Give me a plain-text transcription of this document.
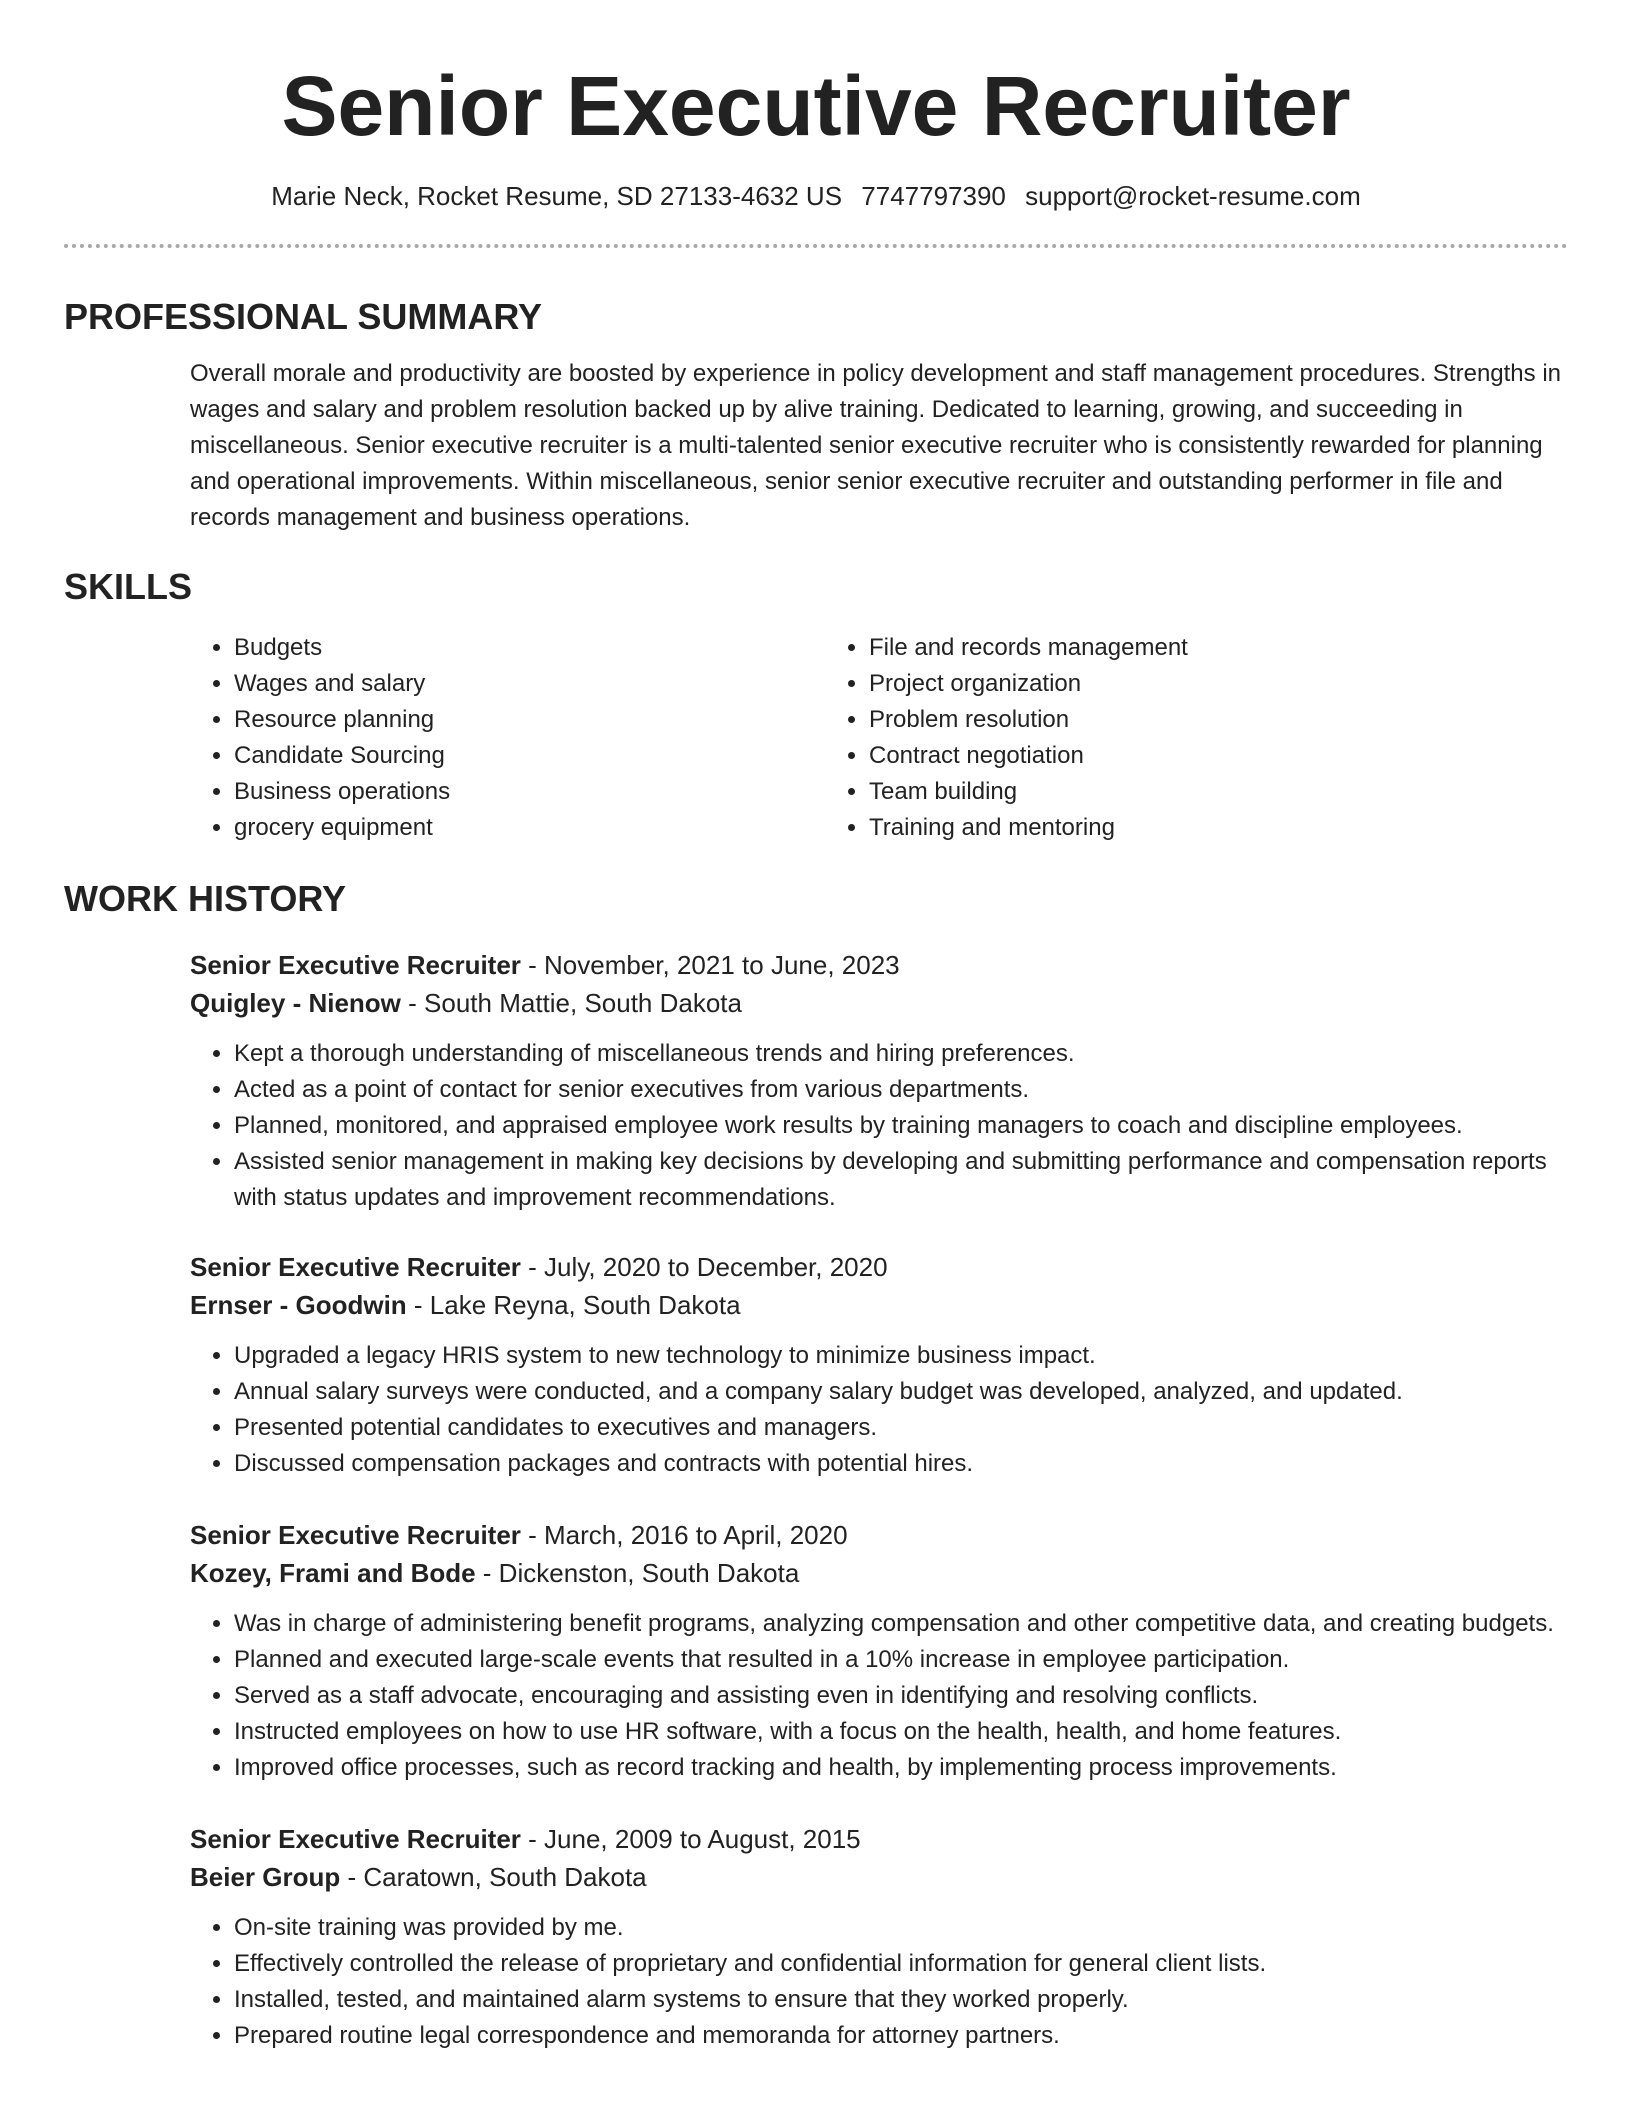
Senior Executive Recruiter
Marie Neck, Rocket Resume, SD 27133-4632 US 7747797390 support@rocket-resume.com
PROFESSIONAL SUMMARY

Overall morale and productivity are boosted by experience in policy development and staff management procedures. Strengths in wages and salary and problem resolution backed up by alive training. Dedicated to learning, growing, and succeeding in miscellaneous. Senior executive recruiter is a multi-talented senior executive recruiter who is consistently rewarded for planning and operational improvements. Within miscellaneous, senior senior executive recruiter and outstanding performer in file and records management and business operations.

SKILLS
• Budgets
• Wages and salary
• Resource planning
• Candidate Sourcing
• Business operations
• grocery equipment
• File and records management
• Project organization
• Problem resolution
• Contract negotiation
• Team building
• Training and mentoring
WORK HISTORY
Senior Executive Recruiter - November, 2021 to June, 2023
Quigley - Nienow - South Mattie, South Dakota
• Kept a thorough understanding of miscellaneous trends and hiring preferences.
• Acted as a point of contact for senior executives from various departments.
• Planned, monitored, and appraised employee work results by training managers to coach and discipline employees.
• Assisted senior management in making key decisions by developing and submitting performance and compensation reports with status updates and improvement recommendations.
Senior Executive Recruiter - July, 2020 to December, 2020
Ernser - Goodwin - Lake Reyna, South Dakota
• Upgraded a legacy HRIS system to new technology to minimize business impact.
• Annual salary surveys were conducted, and a company salary budget was developed, analyzed, and updated.
• Presented potential candidates to executives and managers.
• Discussed compensation packages and contracts with potential hires.
Senior Executive Recruiter - March, 2016 to April, 2020
Kozey, Frami and Bode - Dickenston, South Dakota
• Was in charge of administering benefit programs, analyzing compensation and other competitive data, and creating budgets.
• Planned and executed large-scale events that resulted in a 10% increase in employee participation.
• Served as a staff advocate, encouraging and assisting even in identifying and resolving conflicts.
• Instructed employees on how to use HR software, with a focus on the health, health, and home features.
• Improved office processes, such as record tracking and health, by implementing process improvements.
Senior Executive Recruiter - June, 2009 to August, 2015
Beier Group - Caratown, South Dakota
• On-site training was provided by me.
• Effectively controlled the release of proprietary and confidential information for general client lists.
• Installed, tested, and maintained alarm systems to ensure that they worked properly.
• Prepared routine legal correspondence and memoranda for attorney partners.
